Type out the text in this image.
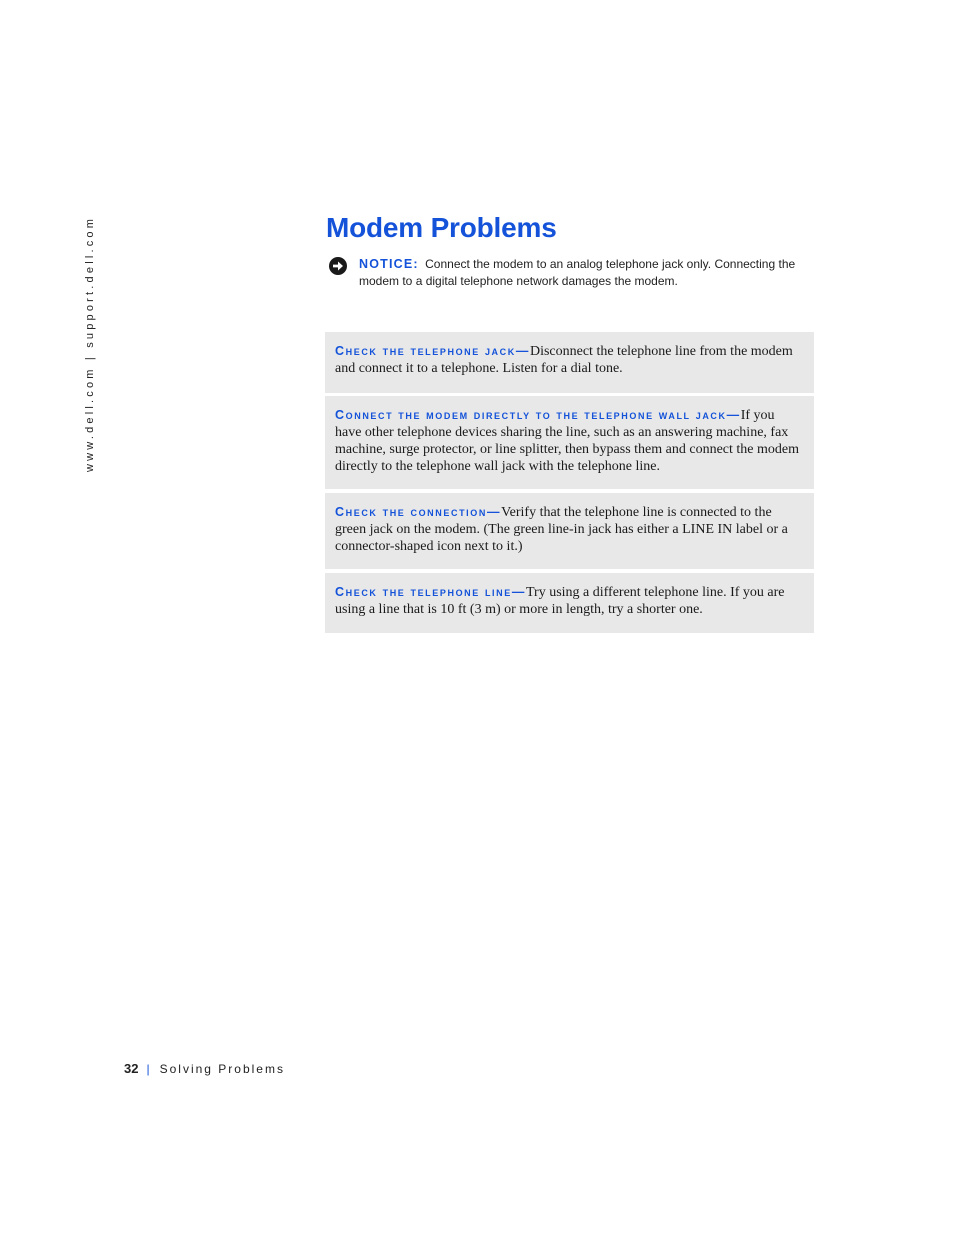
www.dell.com | support.dell.com	Modem Problems
NOTICE: Connect the modem to an analog telephone jack only. Connecting the modem to a digital telephone network damages the modem.
Check the telephone jack—Disconnect the telephone line from the modem and connect it to a telephone. Listen for a dial tone.
Connect the modem directly to the telephone wall jack—If you have other telephone devices sharing the line, such as an answering machine, fax machine, surge protector, or line splitter, then bypass them and connect the modem directly to the telephone wall jack with the telephone line.
Check the connection—Verify that the telephone line is connected to the green jack on the modem. (The green line-in jack has either a LINE IN label or a connector-shaped icon next to it.)
Check the telephone line—Try using a different telephone line. If you are using a line that is 10 ft (3 m) or more in length, try a shorter one.
32 | Solving Problems
